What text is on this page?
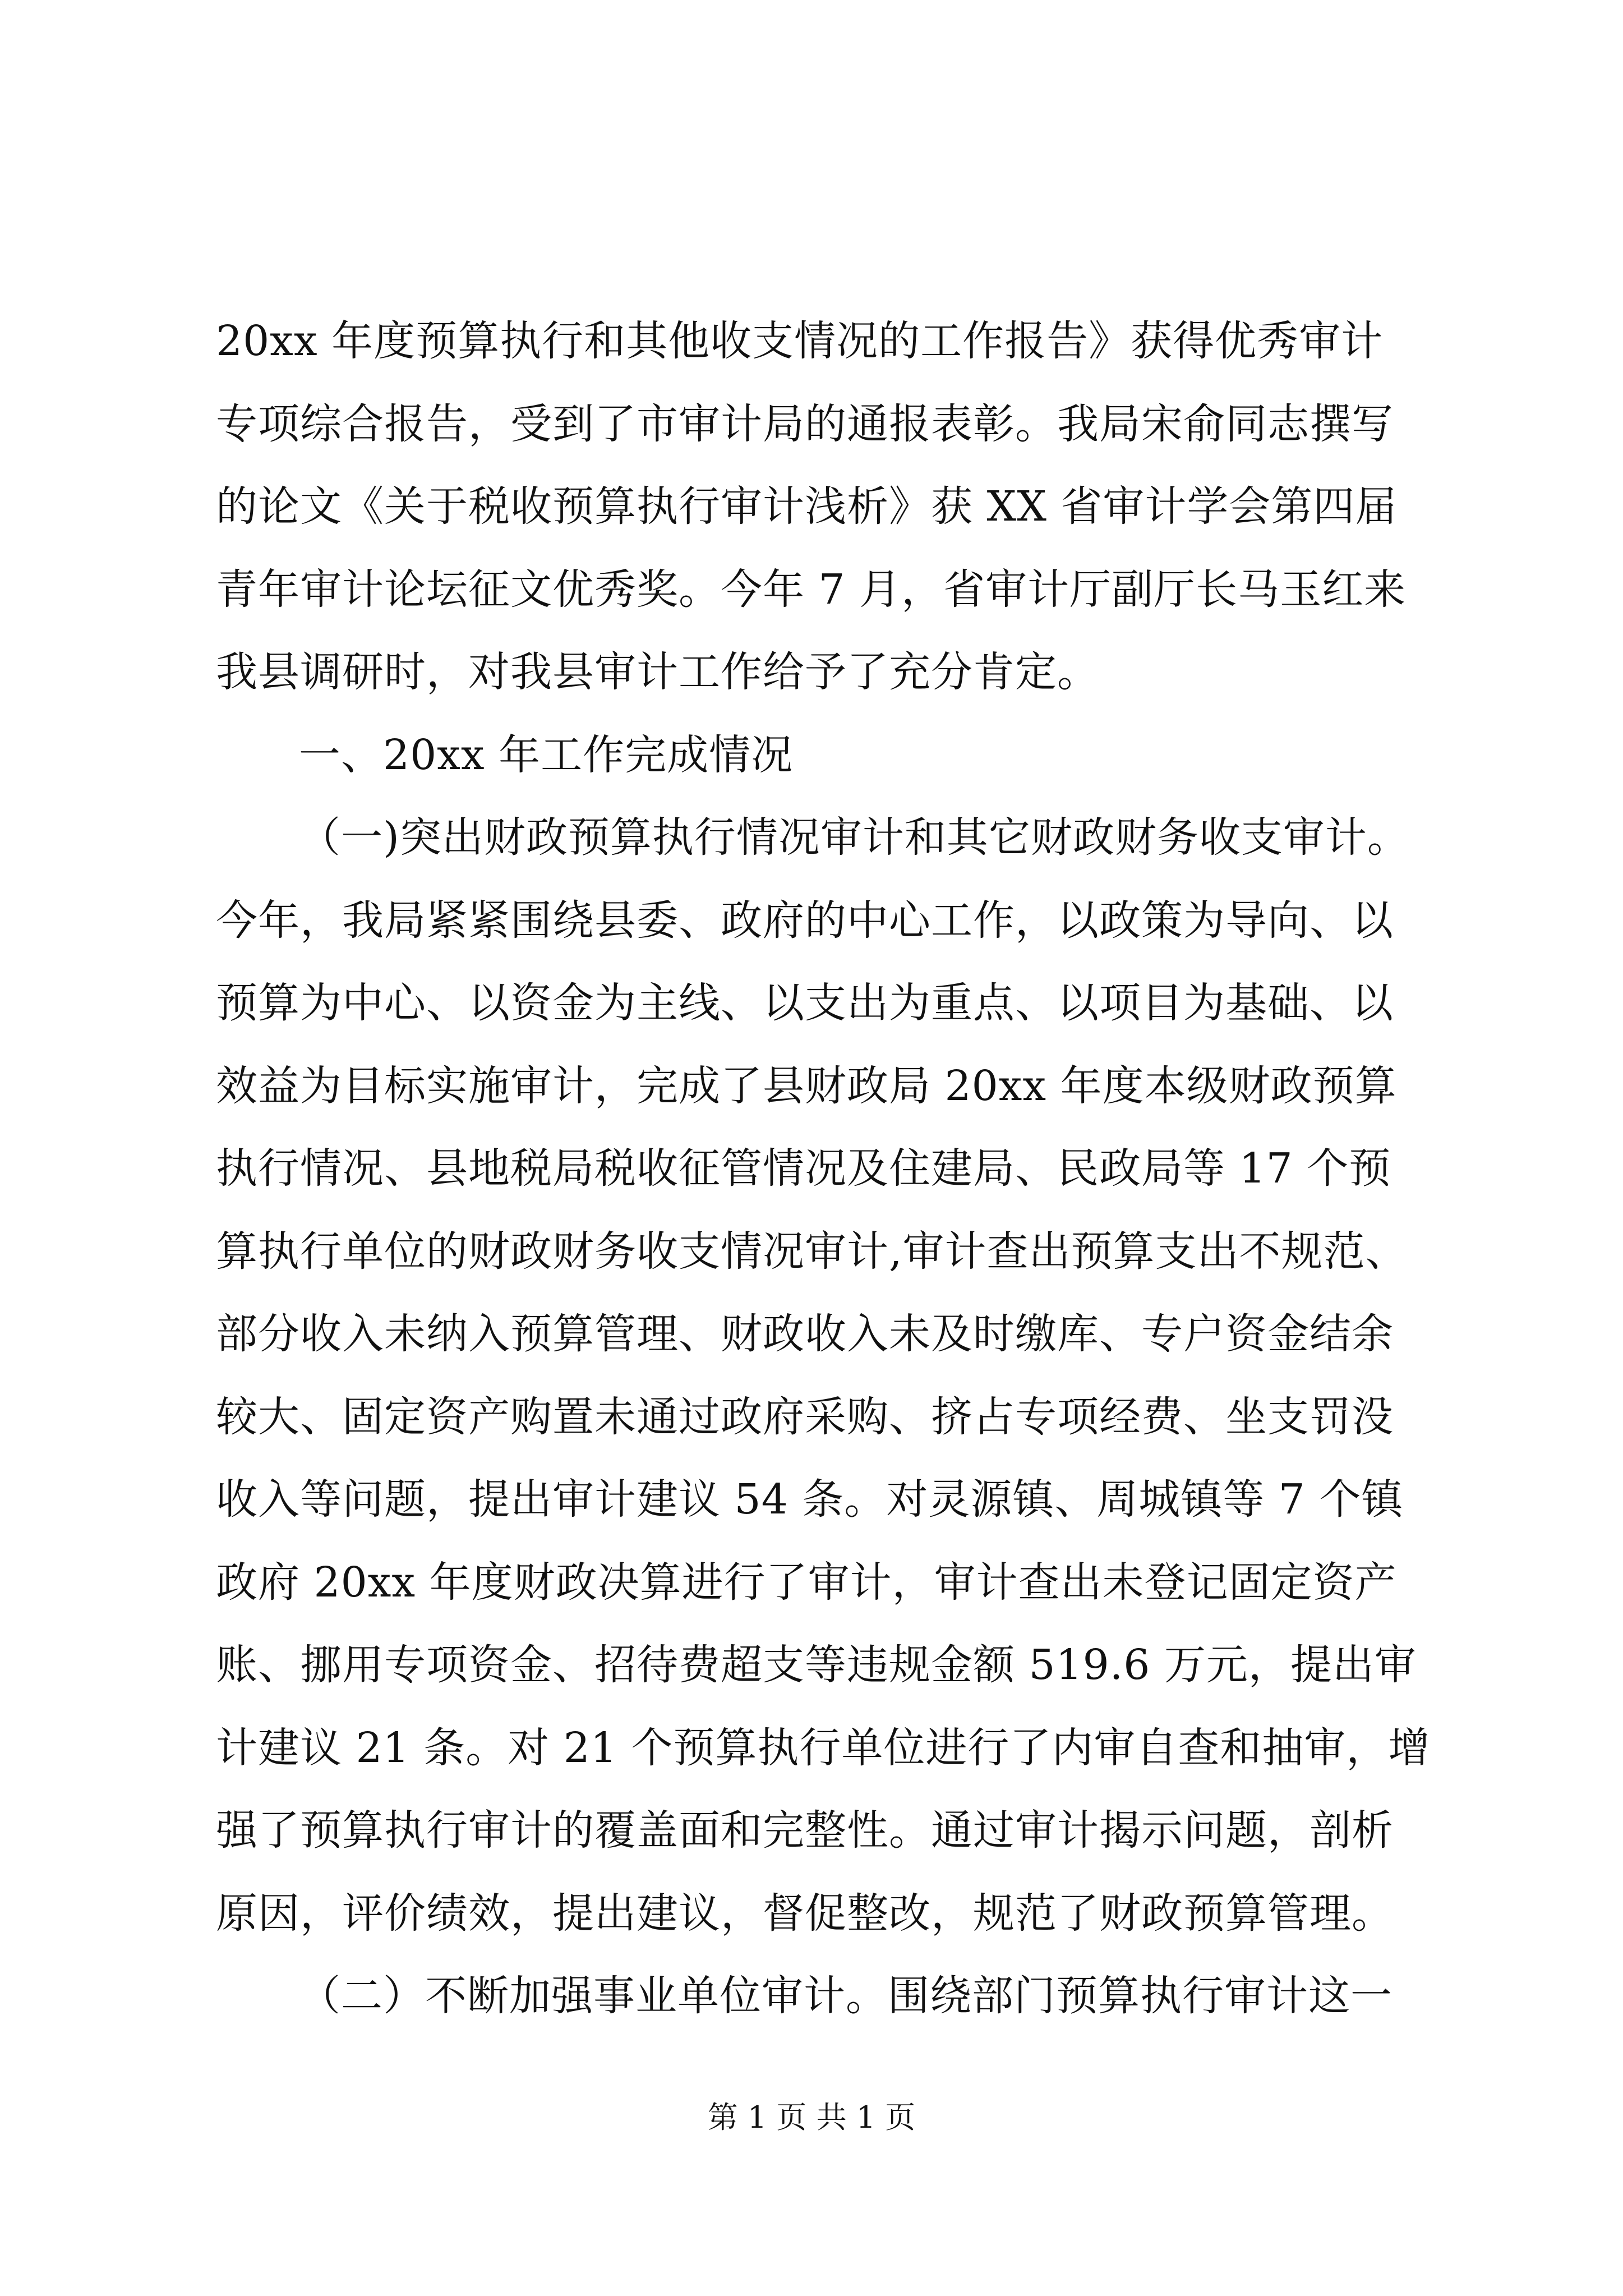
20xx 年度预算执行和其他收支情况的工作报告》获得优秀审计
专项综合报告，受到了市审计局的通报表彰。我局宋俞同志撰写
的论文《关于税收预算执行审计浅析》获 XX 省审计学会第四届
青年审计论坛征文优秀奖。今年 7 月，省审计厅副厅长马玉红来
我县调研时，对我县审计工作给予了充分肯定。
一、20xx 年工作完成情况
（一)突出财政预算执行情况审计和其它财政财务收支审计。
今年，我局紧紧围绕县委、政府的中心工作，以政策为导向、以
预算为中心、以资金为主线、以支出为重点、以项目为基础、以
效益为目标实施审计，完成了县财政局 20xx 年度本级财政预算
执行情况、县地税局税收征管情况及住建局、民政局等 17 个预
算执行单位的财政财务收支情况审计,审计查出预算支出不规范、
部分收入未纳入预算管理、财政收入未及时缴库、专户资金结余
较大、固定资产购置未通过政府采购、挤占专项经费、坐支罚没
收入等问题，提出审计建议 54 条。对灵源镇、周城镇等 7 个镇
政府 20xx 年度财政决算进行了审计，审计查出未登记固定资产
账、挪用专项资金、招待费超支等违规金额 519.6 万元，提出审
计建议 21 条。对 21 个预算执行单位进行了内审自查和抽审，增
强了预算执行审计的覆盖面和完整性。通过审计揭示问题，剖析
原因，评价绩效，提出建议，督促整改，规范了财政预算管理。
（二）不断加强事业单位审计。围绕部门预算执行审计这一
第 1 页 共 1 页
